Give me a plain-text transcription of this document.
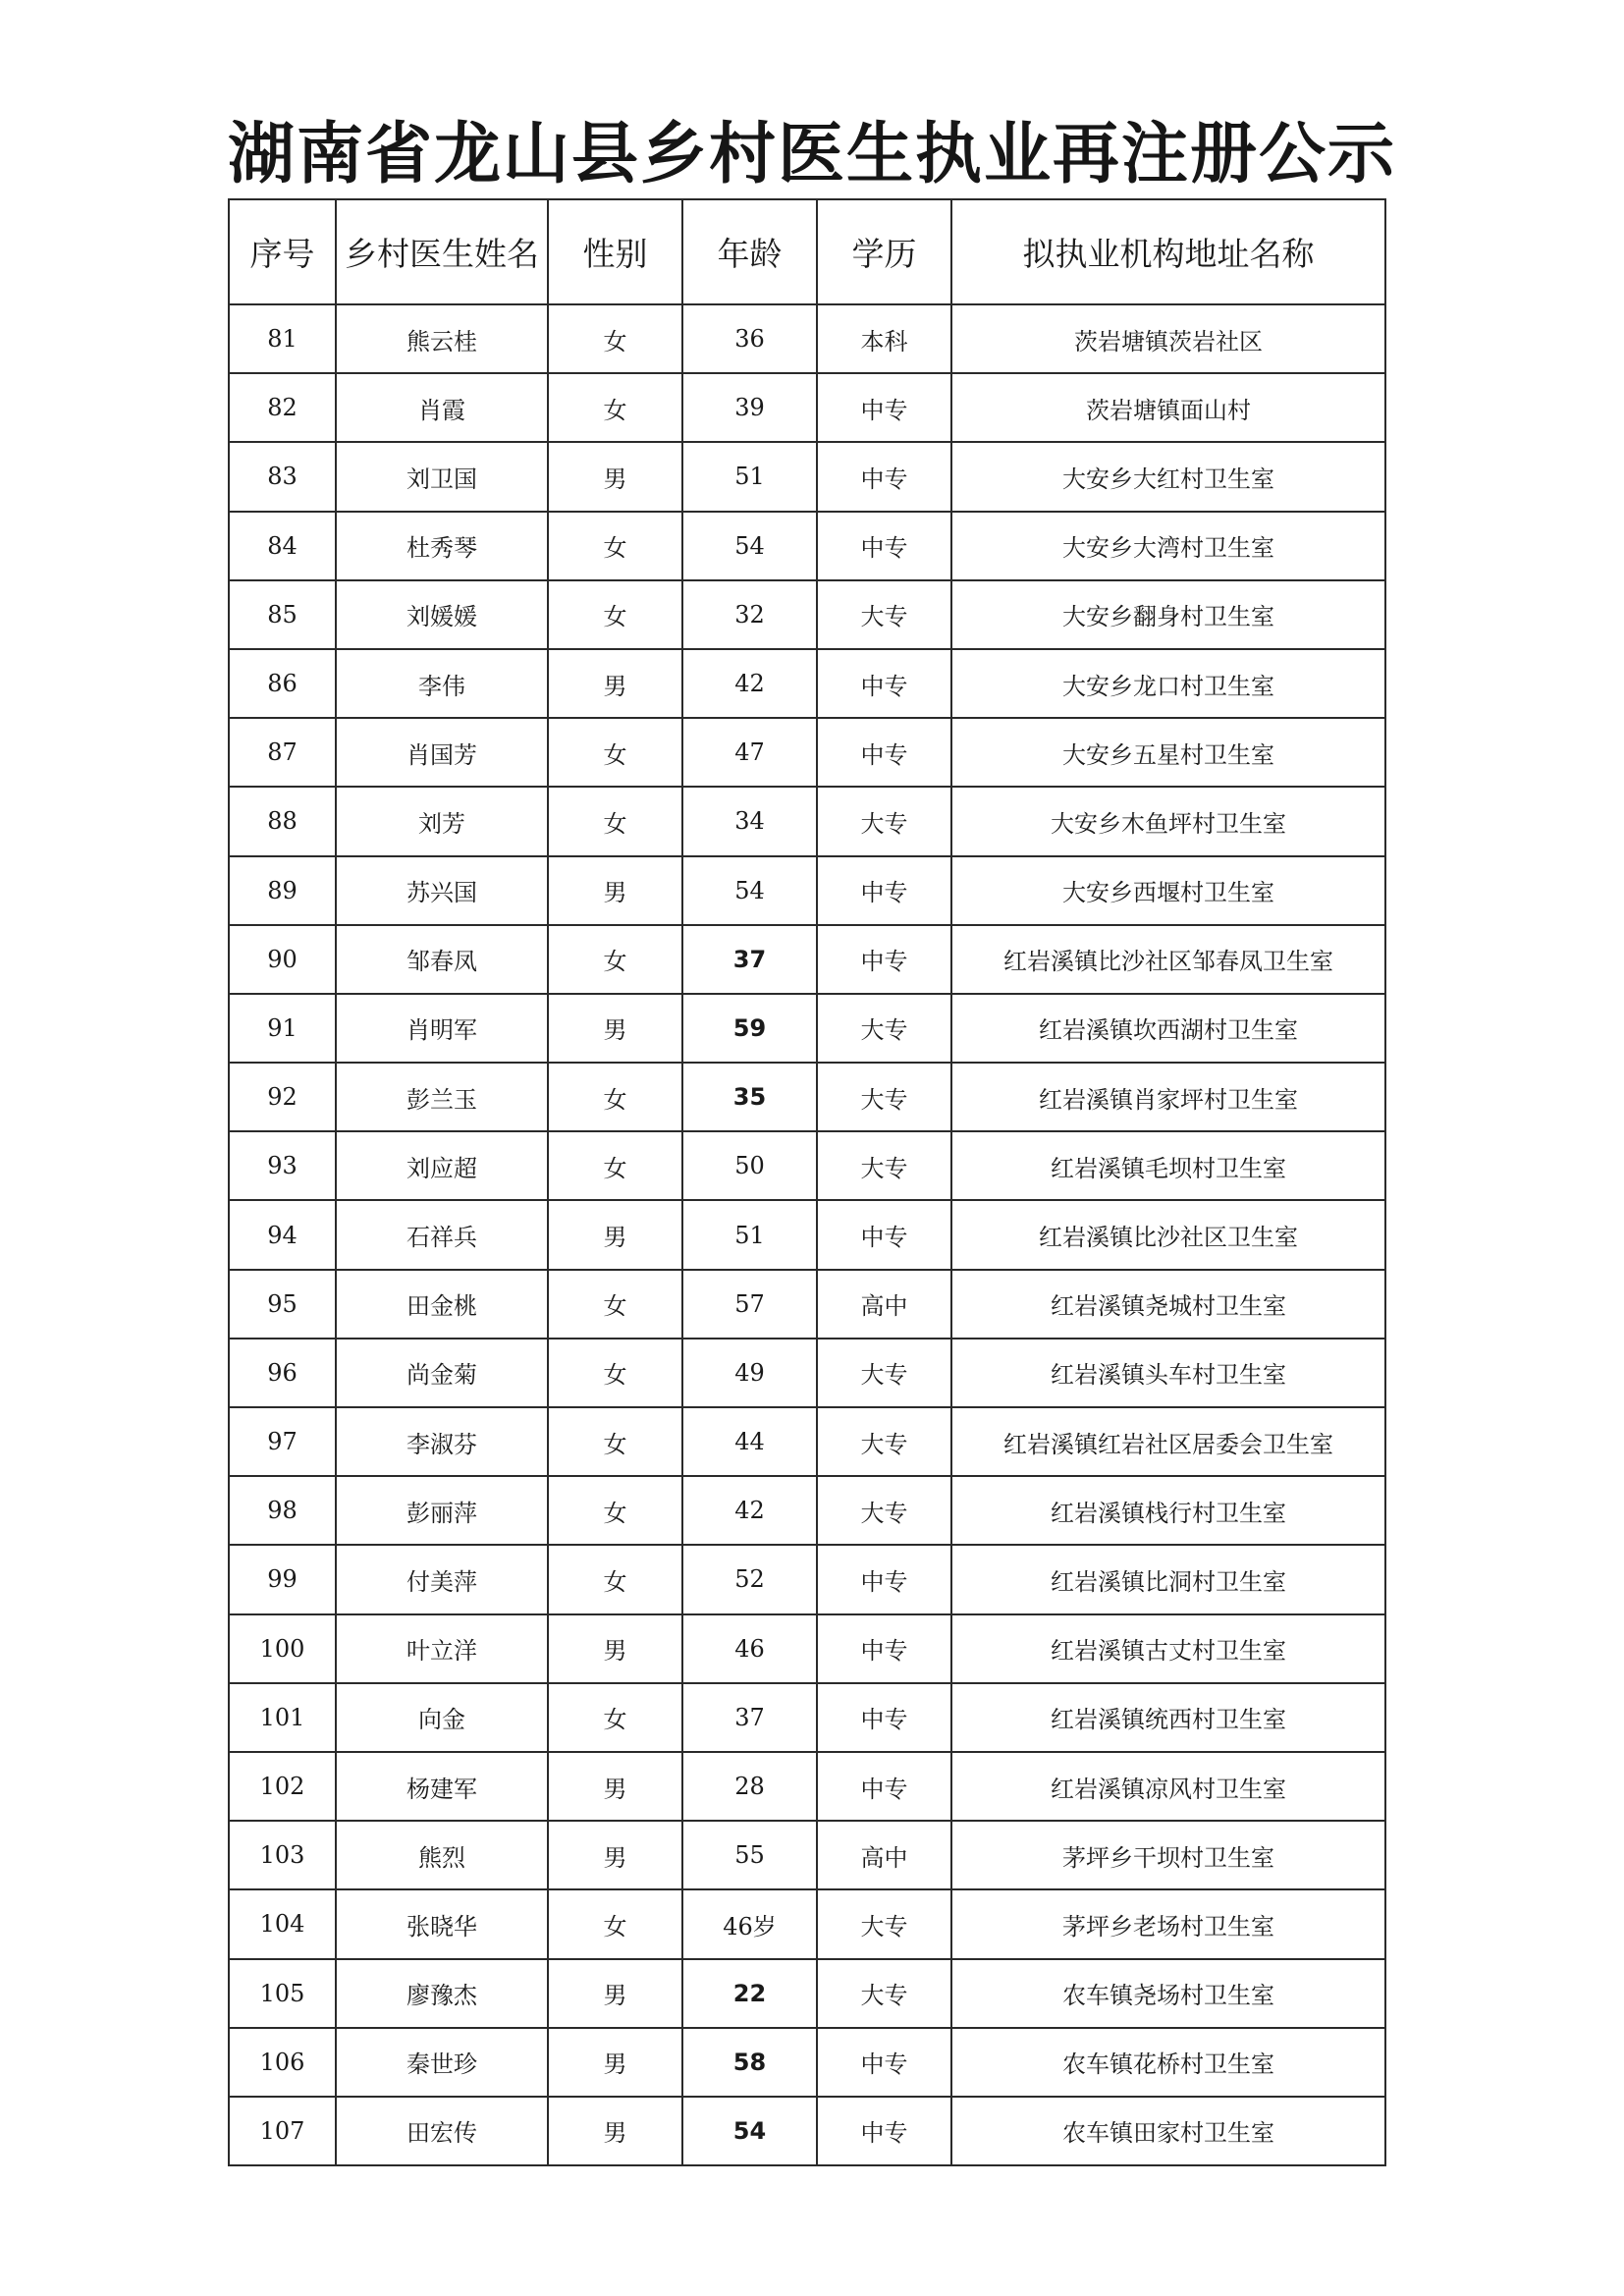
湖南省龙山县乡村医生执业再注册公示
序号	乡村医生姓名	性别	年龄	学历	拟执业机构地址名称
81	熊云桂	女	36	本科	茨岩塘镇茨岩社区
82	肖霞	女	39	中专	茨岩塘镇面山村
83	刘卫国	男	51	中专	大安乡大红村卫生室
84	杜秀琴	女	54	中专	大安乡大湾村卫生室
85	刘媛媛	女	32	大专	大安乡翻身村卫生室
86	李伟	男	42	中专	大安乡龙口村卫生室
87	肖国芳	女	47	中专	大安乡五星村卫生室
88	刘芳	女	34	大专	大安乡木鱼坪村卫生室
89	苏兴国	男	54	中专	大安乡西堰村卫生室
90	邹春凤	女	37	中专	红岩溪镇比沙社区邹春凤卫生室
91	肖明军	男	59	大专	红岩溪镇坎西湖村卫生室
92	彭兰玉	女	35	大专	红岩溪镇肖家坪村卫生室
93	刘应超	女	50	大专	红岩溪镇毛坝村卫生室
94	石祥兵	男	51	中专	红岩溪镇比沙社区卫生室
95	田金桃	女	57	高中	红岩溪镇尧城村卫生室
96	尚金菊	女	49	大专	红岩溪镇头车村卫生室
97	李淑芬	女	44	大专	红岩溪镇红岩社区居委会卫生室
98	彭丽萍	女	42	大专	红岩溪镇栈行村卫生室
99	付美萍	女	52	中专	红岩溪镇比洞村卫生室
100	叶立洋	男	46	中专	红岩溪镇古丈村卫生室
101	向金	女	37	中专	红岩溪镇统西村卫生室
102	杨建军	男	28	中专	红岩溪镇凉风村卫生室
103	熊烈	男	55	高中	茅坪乡干坝村卫生室
104	张晓华	女	46岁	大专	茅坪乡老场村卫生室
105	廖豫杰	男	22	大专	农车镇尧场村卫生室
106	秦世珍	男	58	中专	农车镇花桥村卫生室
107	田宏传	男	54	中专	农车镇田家村卫生室
